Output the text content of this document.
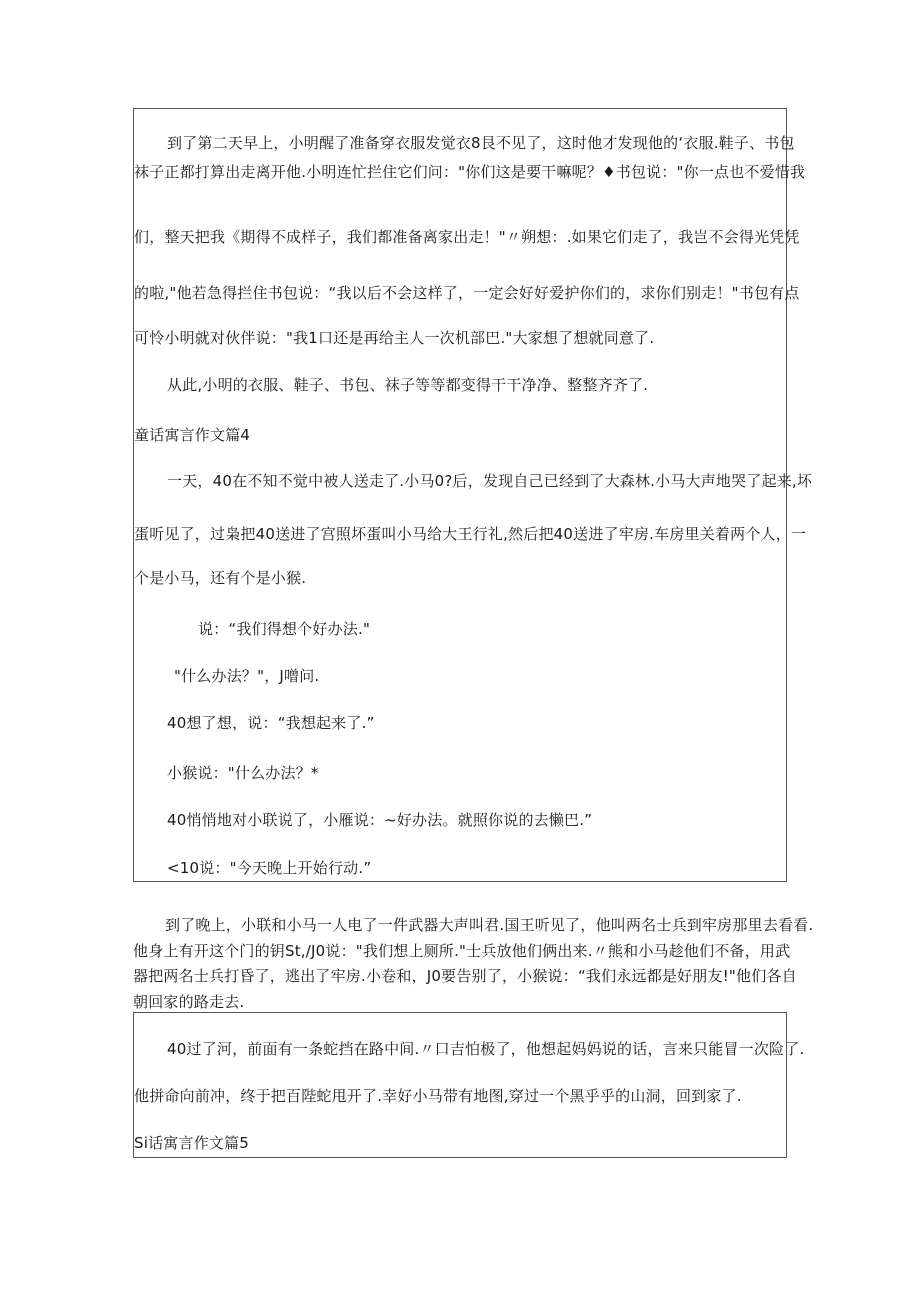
到了第二天早上，小明醒了准备穿衣服发觉衣8艮不见了，这时他才发现他的‘衣服.鞋子、书包
袜子正都打算出走离开他.小明连忙拦住它们问："你们这是要干嘛呢？♦书包说："你一点也不爱惜我
们，整天把我《期得不成样子，我们都准备离家出走！"〃朔想：.如果它们走了，我岂不会得光凭凭
的啦,"他若急得拦住书包说：“我以后不会这样了，一定会好好爱护你们的，求你们别走！"书包有点
可怜小明就对伙伴说："我1口还是再给主人一次机部巴."大家想了想就同意了.
从此,小明的衣服、鞋子、书包、袜子等等都变得干干净净、整整齐齐了.
童话寓言作文篇4
一天，40在不知不觉中被人送走了.小马0?后，发现自己已经到了大森林.小马大声地哭了起来,坏
蛋听见了，过枭把40送进了宫照坏蛋叫小马给大王行礼,然后把40送进了牢房.车房里关着两个人，一
个是小马，还有个是小猴.
说：“我们得想个好办法."
"什么办法？"，J噌问.
40想了想，说：“我想起来了.”
小猴说："什么办法？*
40悄悄地对小联说了，小雁说：~好办法。就照你说的去懒巴.”
<10说："今天晚上开始行动.”
到了晚上，小联和小马一人电了一件武器大声叫君.国王听见了，他叫两名士兵到牢房那里去看看.
他身上有开这个门的钥St,/J0说："我们想上厕所."士兵放他们俩出来.〃熊和小马趁他们不备，用武
器把两名士兵打昏了，逃出了牢房.小卷和，J0要告别了，小猴说：“我们永远都是好朋友!"他们各自
朝回家的路走去.
40过了河，前面有一条蛇挡在路中间.〃口吉怕极了，他想起妈妈说的话，言来只能冒一次险了.
他拼命向前冲，终于把百陛蛇甩开了.幸好小马带有地图,穿过一个黑乎乎的山洞，回到家了.
Si话寓言作文篇5
